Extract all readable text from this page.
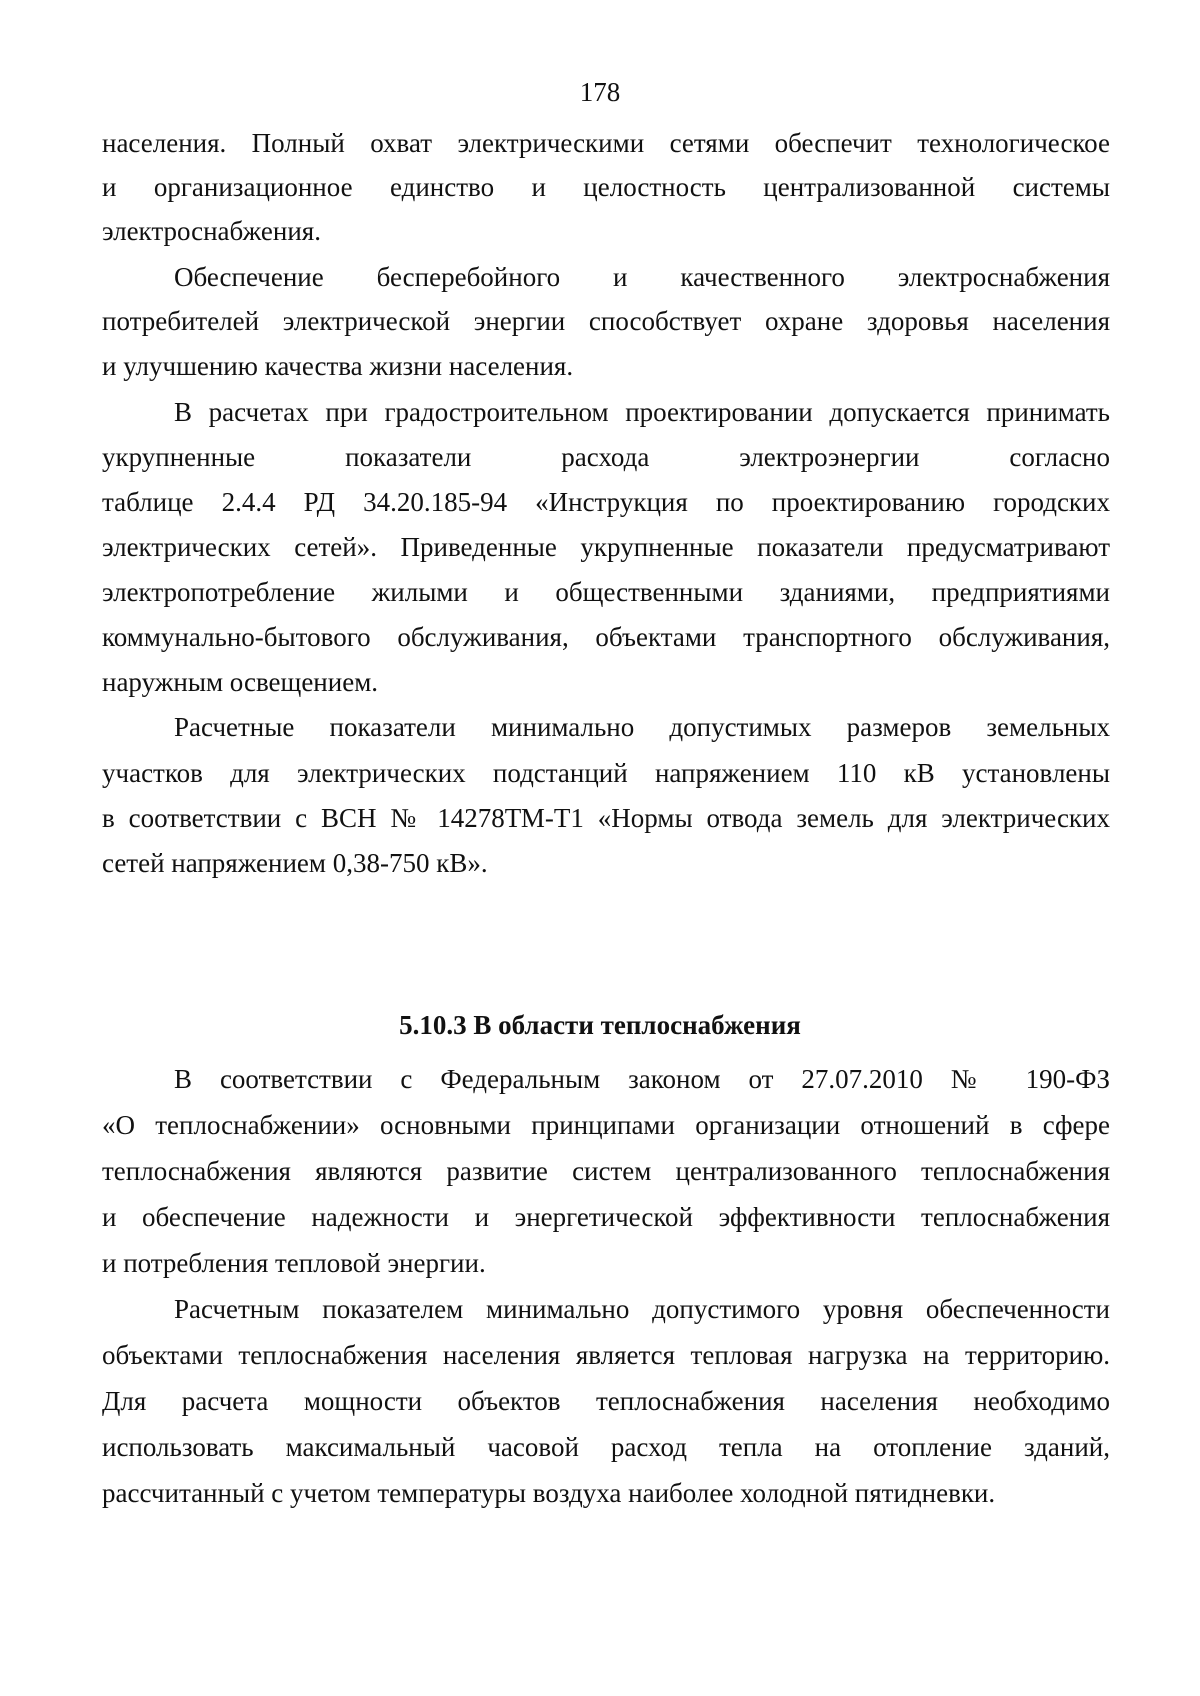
178
населения. Полный охват электрическими сетями обеспечит технологическое
и организационное единство и целостность централизованной системы
электроснабжения.
Обеспечение бесперебойного и качественного электроснабжения
потребителей электрической энергии способствует охране здоровья населения
и улучшению качества жизни населения.
В расчетах при градостроительном проектировании допускается принимать
укрупненные показатели расхода электроэнергии согласно
таблице 2.4.4 РД 34.20.185-94 «Инструкция по проектированию городских
электрических сетей». Приведенные укрупненные показатели предусматривают
электропотребление жилыми и общественными зданиями, предприятиями
коммунально-бытового обслуживания, объектами транспортного обслуживания,
наружным освещением.
Расчетные показатели минимально допустимых размеров земельных
участков для электрических подстанций напряжением 110 кВ установлены
в соответствии с ВСН № 14278ТМ-Т1 «Нормы отвода земель для электрических
сетей напряжением 0,38-750 кВ».
5.10.3 В области теплоснабжения
В соответствии с Федеральным законом от 27.07.2010 № 190-ФЗ
«О теплоснабжении» основными принципами организации отношений в сфере
теплоснабжения являются развитие систем централизованного теплоснабжения
и обеспечение надежности и энергетической эффективности теплоснабжения
и потребления тепловой энергии.
Расчетным показателем минимально допустимого уровня обеспеченности
объектами теплоснабжения населения является тепловая нагрузка на территорию.
Для расчета мощности объектов теплоснабжения населения необходимо
использовать максимальный часовой расход тепла на отопление зданий,
рассчитанный с учетом температуры воздуха наиболее холодной пятидневки.
